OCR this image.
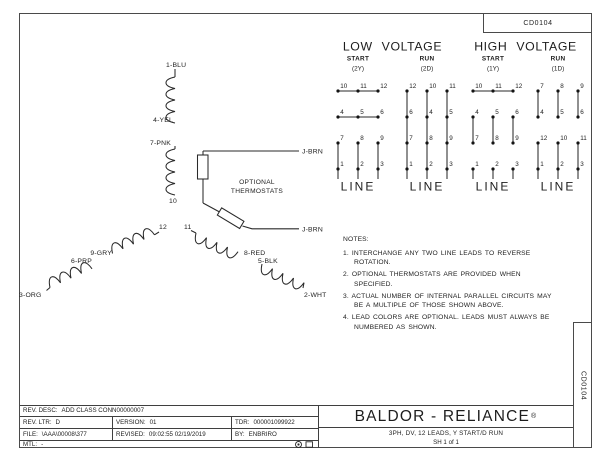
CD0104
CD0104
1-BLU
4-YEL
7-PNK
10
12
9-GRY
6-PRP
3-ORG
11
8-RED
5-BLK
2-WHT
J-BRN
J-BRN
OPTIONAL
THERMOSTATS
LOW VOLTAGE
START
(2Y)
10 11 12
4	5	6
7	8	9
1	2	3
LINE
RUN
(2D)
12 10 11
6	4	5
7	8	9
1	2	3
LINE
HIGH VOLTAGE
START
(1Y)
10 11 12
4	5	6
7	8	9
1	2	3
LINE
RUN
(1D)
7	8	9
4	5	6
12 10 11
1	2	3
LINE
NOTES:
1. INTERCHANGE ANY TWO LINE LEADS TO REVERSE ROTATION.
2. OPTIONAL THERMOSTATS ARE PROVIDED WHEN SPECIFIED.
3. ACTUAL NUMBER OF INTERNAL PARALLEL CIRCUITS MAY BE A MULTIPLE OF THOSE SHOWN ABOVE.
4. LEAD COLORS ARE OPTIONAL. LEADS MUST ALWAYS BE NUMBERED AS SHOWN.
REV. DESC: ADD CLASS CONN00000007
REV. LTR: D	VERSION: 01	TDR: 000001099922
FILE: \AAA\00008\377	REVISED: 09:02:55 02/19/2019	BY: ENBRIRO
MTL: -
BALDOR - RELIANCE ®
3PH, DV, 12 LEADS, Y START/D RUN
SH 1 of 1
